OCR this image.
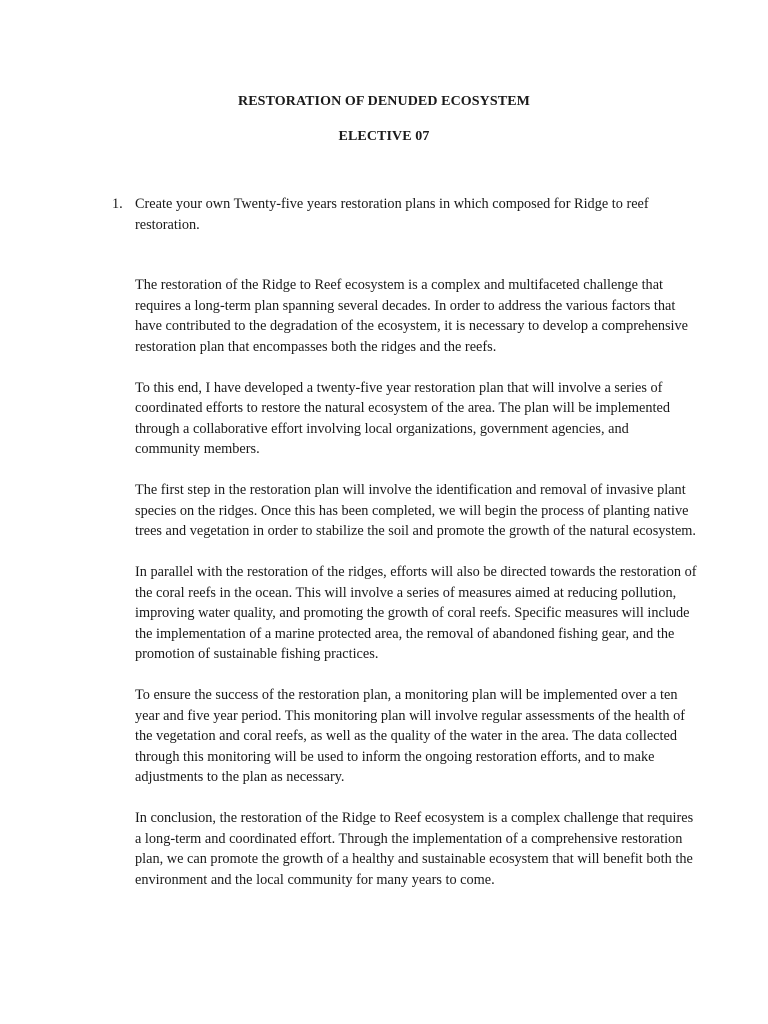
RESTORATION OF DENUDED ECOSYSTEM
ELECTIVE 07
1. Create your own Twenty-five years restoration plans in which composed for Ridge to reef restoration.

The restoration of the Ridge to Reef ecosystem is a complex and multifaceted challenge that requires a long-term plan spanning several decades. In order to address the various factors that have contributed to the degradation of the ecosystem, it is necessary to develop a comprehensive restoration plan that encompasses both the ridges and the reefs.

To this end, I have developed a twenty-five year restoration plan that will involve a series of coordinated efforts to restore the natural ecosystem of the area. The plan will be implemented through a collaborative effort involving local organizations, government agencies, and community members.

The first step in the restoration plan will involve the identification and removal of invasive plant species on the ridges. Once this has been completed, we will begin the process of planting native trees and vegetation in order to stabilize the soil and promote the growth of the natural ecosystem.

In parallel with the restoration of the ridges, efforts will also be directed towards the restoration of the coral reefs in the ocean. This will involve a series of measures aimed at reducing pollution, improving water quality, and promoting the growth of coral reefs. Specific measures will include the implementation of a marine protected area, the removal of abandoned fishing gear, and the promotion of sustainable fishing practices.

To ensure the success of the restoration plan, a monitoring plan will be implemented over a ten year and five year period. This monitoring plan will involve regular assessments of the health of the vegetation and coral reefs, as well as the quality of the water in the area. The data collected through this monitoring will be used to inform the ongoing restoration efforts, and to make adjustments to the plan as necessary.

In conclusion, the restoration of the Ridge to Reef ecosystem is a complex challenge that requires a long-term and coordinated effort. Through the implementation of a comprehensive restoration plan, we can promote the growth of a healthy and sustainable ecosystem that will benefit both the environment and the local community for many years to come.
